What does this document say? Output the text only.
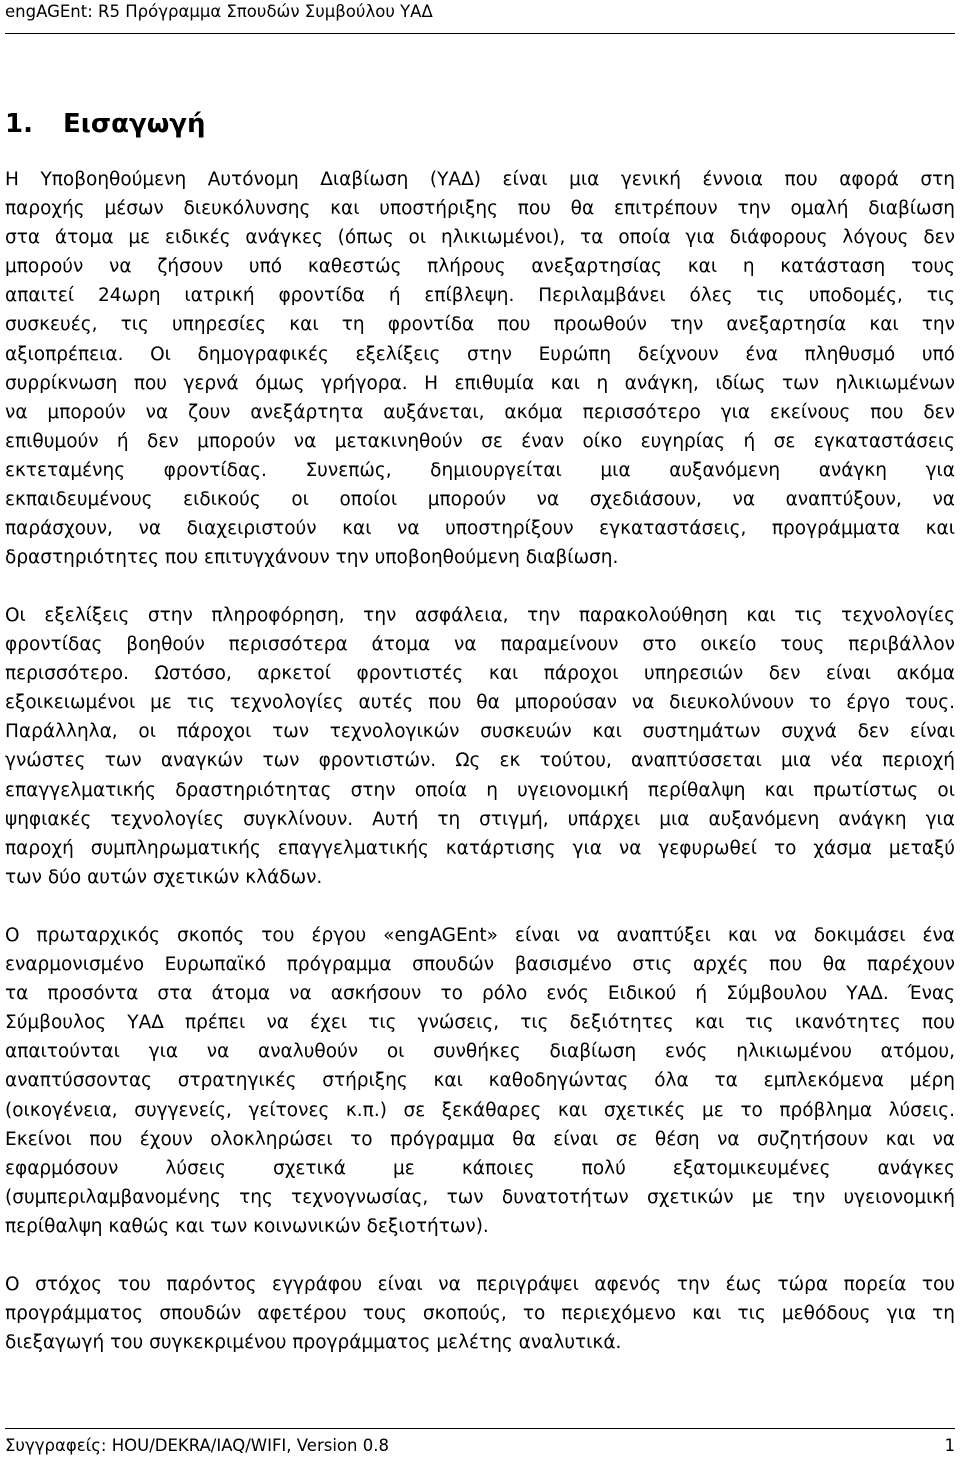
engAGEnt: R5 Πρόγραμμα Σπουδών Συμβούλου ΥΑΔ
1. Εισαγωγή
Η Υποβοηθούμενη Αυτόνομη Διαβίωση (ΥΑΔ) είναι μια γενική έννοια που αφορά στη
παροχής μέσων διευκόλυνσης και υποστήριξης που θα επιτρέπουν την ομαλή διαβίωση
στα άτομα με ειδικές ανάγκες (όπως οι ηλικιωμένοι), τα οποία για διάφορους λόγους δεν
μπορούν να ζήσουν υπό καθεστώς πλήρους ανεξαρτησίας και η κατάσταση τους
απαιτεί 24ωρη ιατρική φροντίδα ή επίβλεψη. Περιλαμβάνει όλες τις υποδομές, τις
συσκευές, τις υπηρεσίες και τη φροντίδα που προωθούν την ανεξαρτησία και την
αξιοπρέπεια. Οι δημογραφικές εξελίξεις στην Ευρώπη δείχνουν ένα πληθυσμό υπό
συρρίκνωση που γερνά όμως γρήγορα. Η επιθυμία και η ανάγκη, ιδίως των ηλικιωμένων
να μπορούν να ζουν ανεξάρτητα αυξάνεται, ακόμα περισσότερο για εκείνους που δεν
επιθυμούν ή δεν μπορούν να μετακινηθούν σε έναν οίκο ευγηρίας ή σε εγκαταστάσεις
εκτεταμένης φροντίδας. Συνεπώς, δημιουργείται μια αυξανόμενη ανάγκη για
εκπαιδευμένους ειδικούς οι οποίοι μπορούν να σχεδιάσουν, να αναπτύξουν, να
παράσχουν, να διαχειριστούν και να υποστηρίξουν εγκαταστάσεις, προγράμματα και
δραστηριότητες που επιτυγχάνουν την υποβοηθούμενη διαβίωση.
Οι εξελίξεις στην πληροφόρηση, την ασφάλεια, την παρακολούθηση και τις τεχνολογίες
φροντίδας βοηθούν περισσότερα άτομα να παραμείνουν στο οικείο τους περιβάλλον
περισσότερο. Ωστόσο, αρκετοί φροντιστές και πάροχοι υπηρεσιών δεν είναι ακόμα
εξοικειωμένοι με τις τεχνολογίες αυτές που θα μπορούσαν να διευκολύνουν το έργο τους.
Παράλληλα, οι πάροχοι των τεχνολογικών συσκευών και συστημάτων συχνά δεν είναι
γνώστες των αναγκών των φροντιστών. Ως εκ τούτου, αναπτύσσεται μια νέα περιοχή
επαγγελματικής δραστηριότητας στην οποία η υγειονομική περίθαλψη και πρωτίστως οι
ψηφιακές τεχνολογίες συγκλίνουν. Αυτή τη στιγμή, υπάρχει μια αυξανόμενη ανάγκη για
παροχή συμπληρωματικής επαγγελματικής κατάρτισης για να γεφυρωθεί το χάσμα μεταξύ
των δύο αυτών σχετικών κλάδων.
Ο πρωταρχικός σκοπός του έργου «engAGEnt» είναι να αναπτύξει και να δοκιμάσει ένα
εναρμονισμένο Ευρωπαϊκό πρόγραμμα σπουδών βασισμένο στις αρχές που θα παρέχουν
τα προσόντα στα άτομα να ασκήσουν το ρόλο ενός Ειδικού ή Σύμβουλου ΥΑΔ. Ένας
Σύμβουλος ΥΑΔ πρέπει να έχει τις γνώσεις, τις δεξιότητες και τις ικανότητες που
απαιτούνται για να αναλυθούν οι συνθήκες διαβίωση ενός ηλικιωμένου ατόμου,
αναπτύσσοντας στρατηγικές στήριξης και καθοδηγώντας όλα τα εμπλεκόμενα μέρη
(οικογένεια, συγγενείς, γείτονες κ.π.) σε ξεκάθαρες και σχετικές με το πρόβλημα λύσεις.
Εκείνοι που έχουν ολοκληρώσει το πρόγραμμα θα είναι σε θέση να συζητήσουν και να
εφαρμόσουν λύσεις σχετικά με κάποιες πολύ εξατομικευμένες ανάγκες
(συμπεριλαμβανομένης της τεχνογνωσίας, των δυνατοτήτων σχετικών με την υγειονομική
περίθαλψη καθώς και των κοινωνικών δεξιοτήτων).
Ο στόχος του παρόντος εγγράφου είναι να περιγράψει αφενός την έως τώρα πορεία του
προγράμματος σπουδών αφετέρου τους σκοπούς, το περιεχόμενο και τις μεθόδους για τη
διεξαγωγή του συγκεκριμένου προγράμματος μελέτης αναλυτικά.
Συγγραφείς: HOU/DEKRA/IAQ/WIFI, Version 0.8	1
